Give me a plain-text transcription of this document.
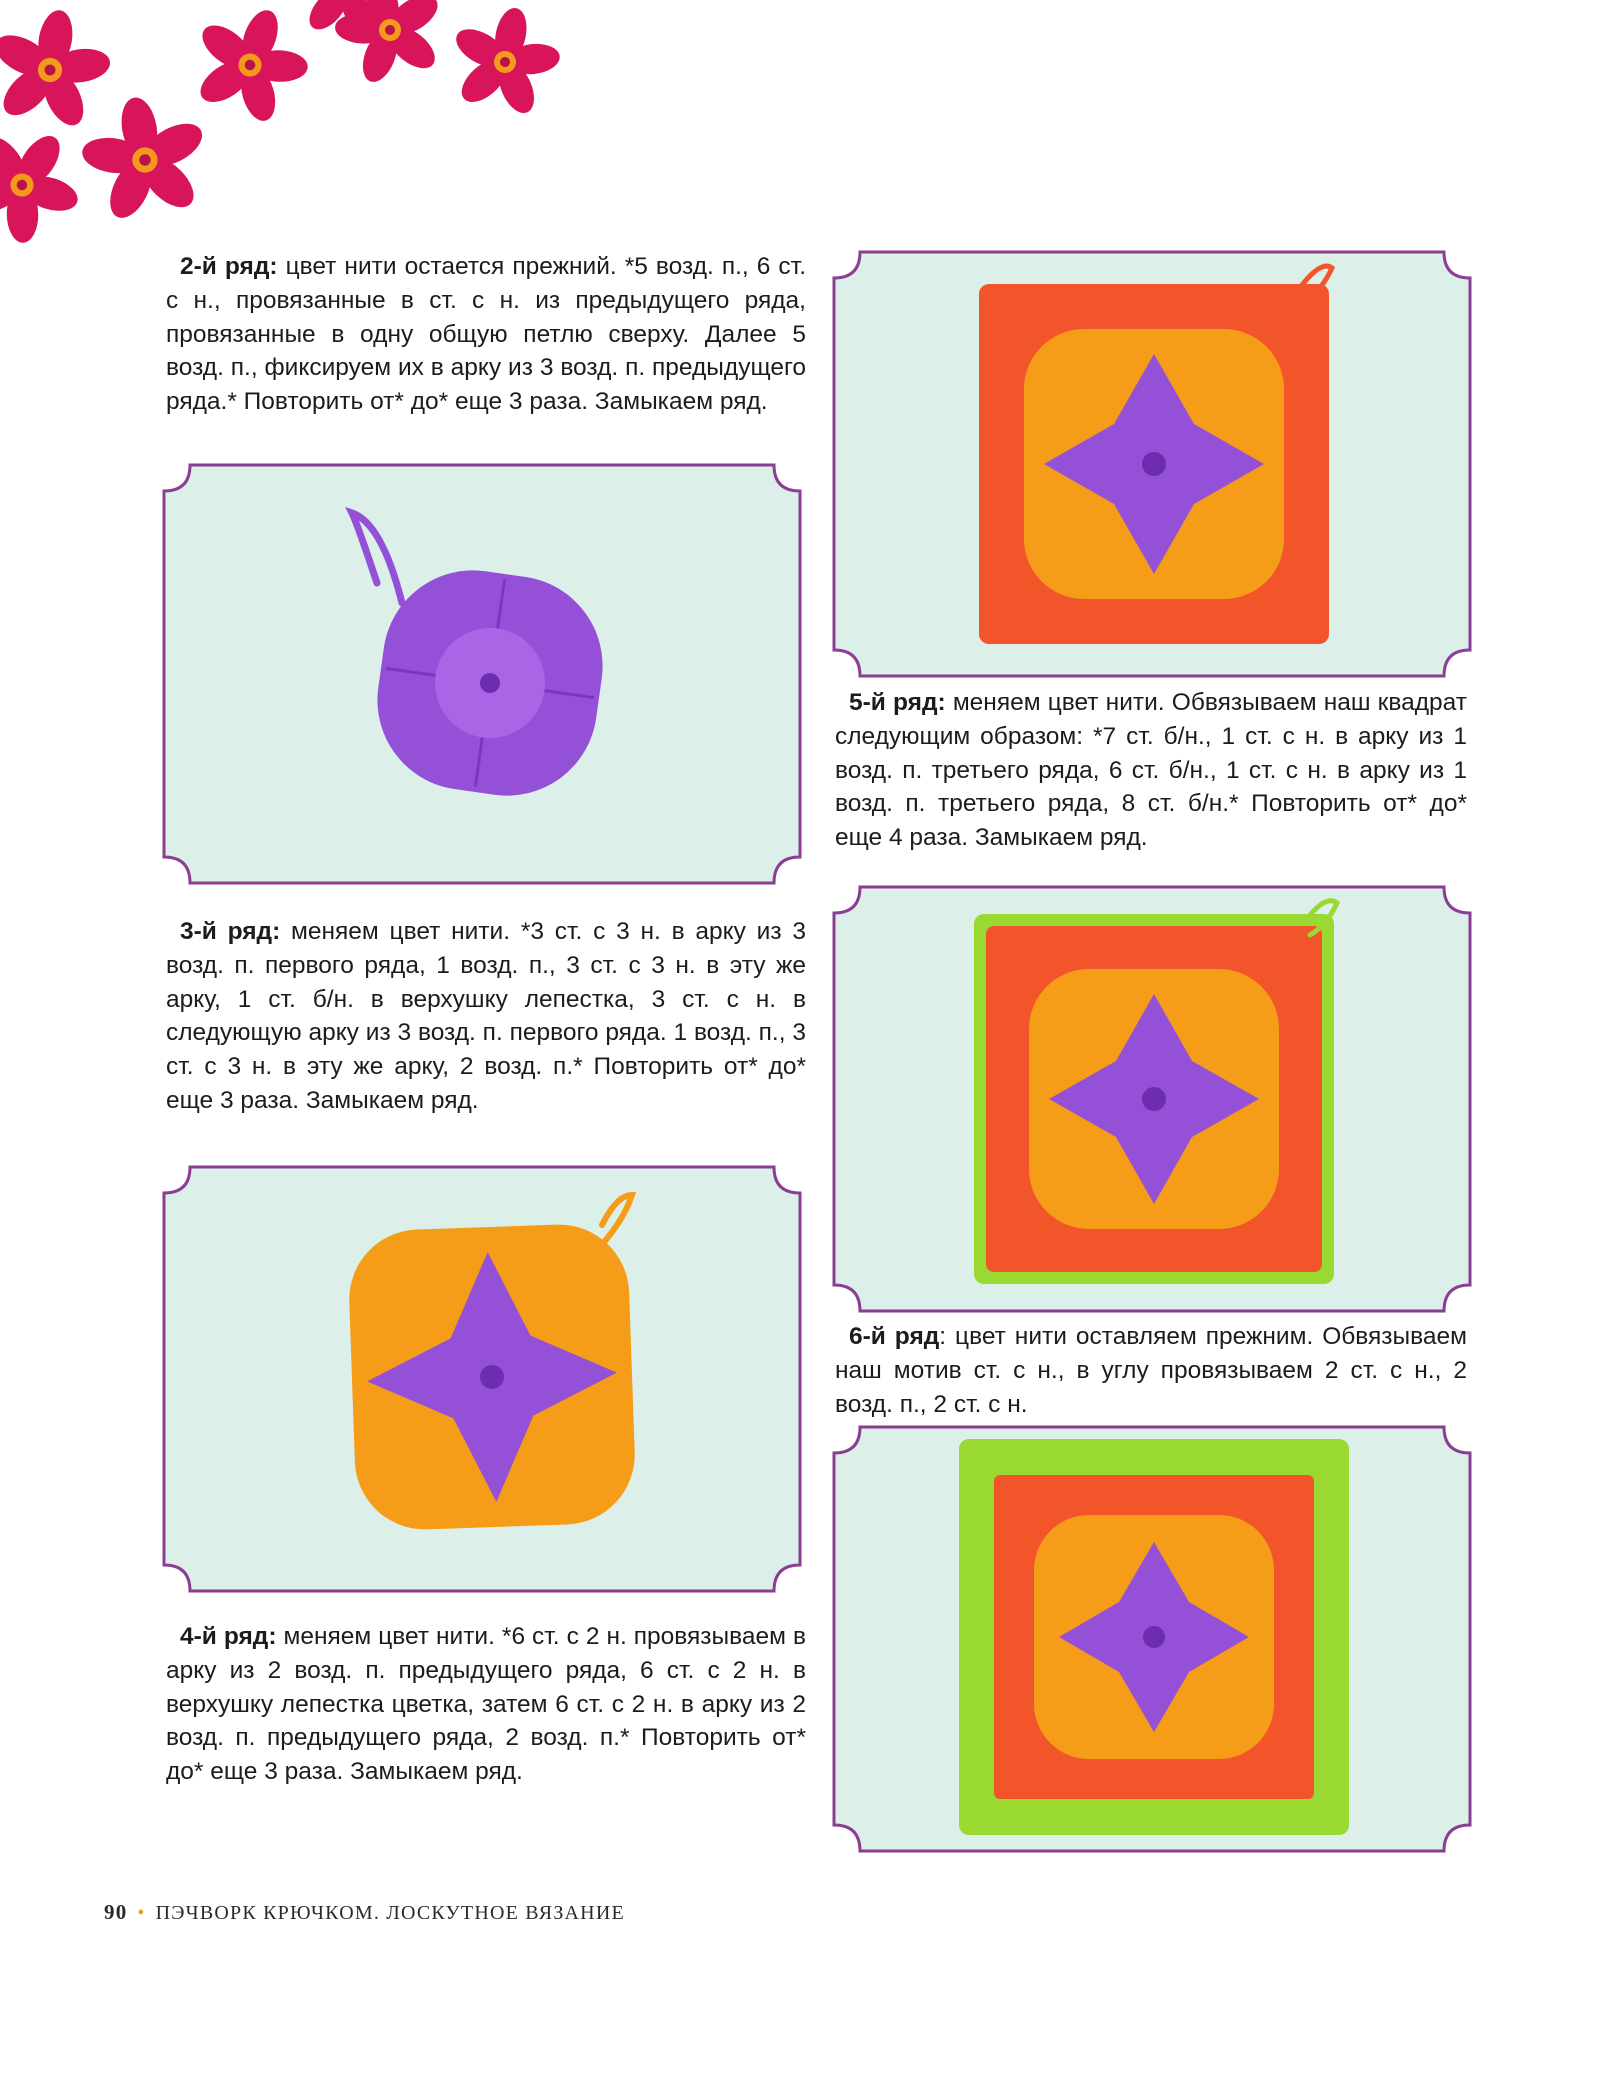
2-й ряд: цвет нити остается прежний. *5 возд. п., 6 ст. с н., провязанные в ст. с н. из предыдущего ряда, провязанные в одну общую петлю сверху. Далее 5 возд. п., фиксируем их в арку из 3 возд. п. предыдущего ряда.* Повторить от* до* еще 3 раза. Замыкаем ряд.

3-й ряд: меняем цвет нити. *3 ст. с 3 н. в арку из 3 возд. п. первого ряда, 1 возд. п., 3 ст. с 3 н. в эту же арку, 1 ст. б/н. в верхушку лепестка, 3 ст. с н. в следующую арку из 3 возд. п. первого ряда. 1 возд. п., 3 ст. с 3 н. в эту же арку, 2 возд. п.* Повторить от* до* еще 3 раза. Замыкаем ряд.

4-й ряд: меняем цвет нити. *6 ст. с 2 н. провязываем в арку из 2 возд. п. предыдущего ряда, 6 ст. с 2 н. в верхушку лепестка цветка, затем 6 ст. с 2 н. в арку из 2 возд. п. предыдущего ряда, 2 возд. п.* Повторить от* до* еще 3 раза. Замыкаем ряд.

5-й ряд: меняем цвет нити. Обвязываем наш квадрат следующим образом: *7 ст. б/н., 1 ст. с н. в арку из 1 возд. п. третьего ряда, 6 ст. б/н., 1 ст. с н. в арку из 1 возд. п. третьего ряда, 8 ст. б/н.* Повторить от* до* еще 4 раза. Замыкаем ряд.

6-й ряд: цвет нити оставляем прежним. Обвязываем наш мотив ст. с н., в углу провязываем 2 ст. с н., 2 возд. п., 2 ст. с н.

90 • ПЭЧВОРК КРЮЧКОМ. ЛОСКУТНОЕ ВЯЗАНИЕ
